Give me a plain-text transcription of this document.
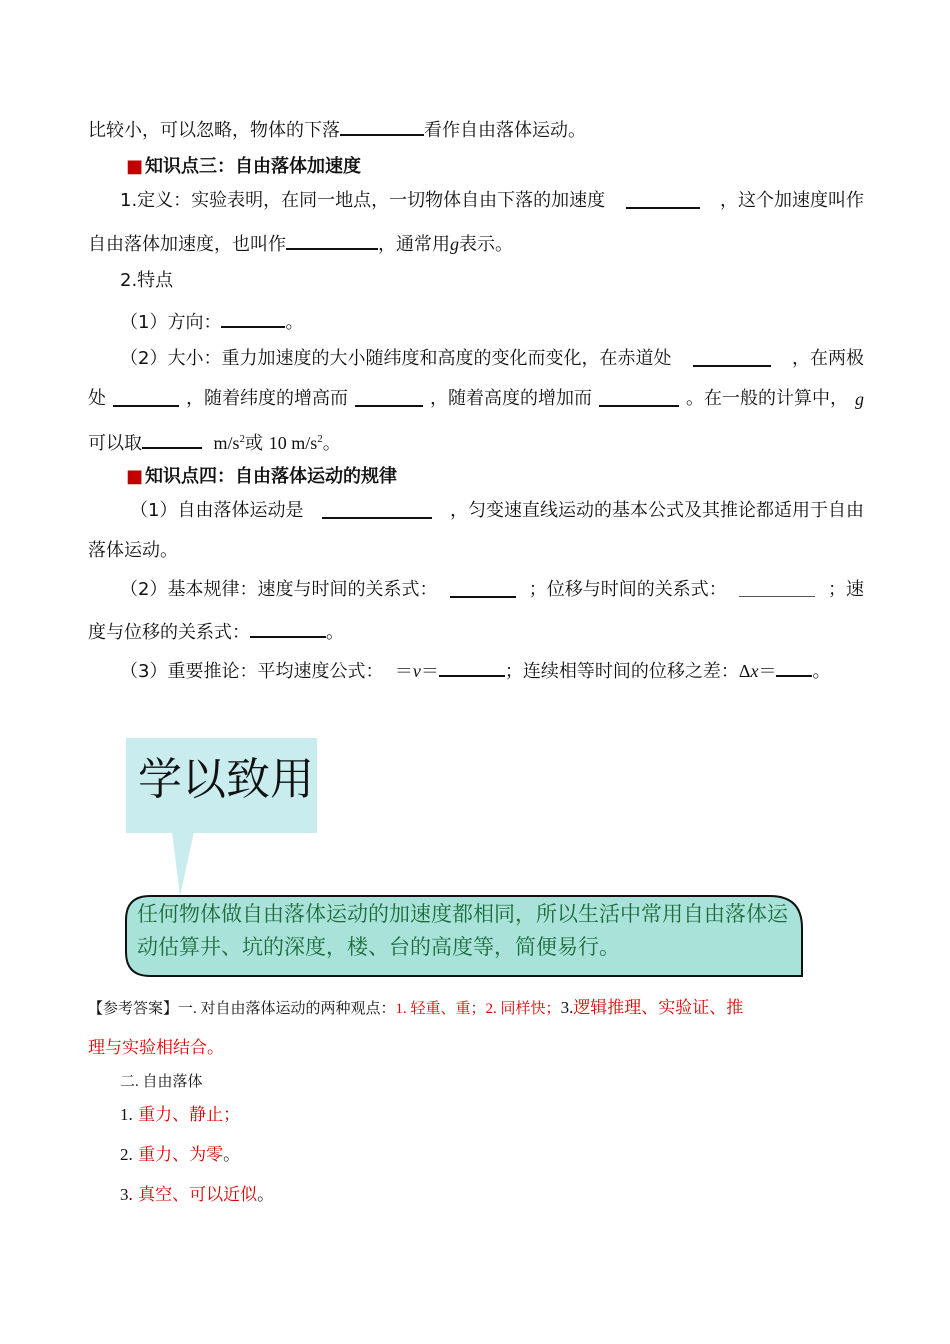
比较小，可以忽略，物体的下落	看作自由落体运动。
■ 知识点三：自由落体加速度
1.定义：实验表明，在同一地点，一切物体自由下落的加速度	，这个加速度叫作
自由落体加速度，也叫作	，通常用g表示。
2.特点
（1）方向：	。
（2）大小：重力加速度的大小随纬度和高度的变化而变化，在赤道处	，在两极
处	，随着纬度的增高而	，随着高度的增加而	。在一般的计算中， g
可以取	$m/s^2$或 10 $m/s^2$。
■ 知识点四：自由落体运动的规律
（1）自由落体运动是	，匀变速直线运动的基本公式及其推论都适用于自由
落体运动。
（2）基本规律：速度与时间的关系式：	；位移与时间的关系式：	；速
度与位移的关系式：	。
（3）重要推论：平均速度公式： ＝v＝	；连续相等时间的位移之差：Δx＝ 。
学以致用
任何物体做自由落体运动的加速度都相同，所以生活中常用自由落体运动估算井、坑的深度，楼、台的高度等，简便易行。
【参考答案】一. 对自由落体运动的两种观点：1. 轻重、重；2. 同样快；3.逻辑推理、实验证、推
理与实验相结合。
二. 自由落体
1. 重力、静止；
2. 重力、为零。
3. 真空、可以近似。
